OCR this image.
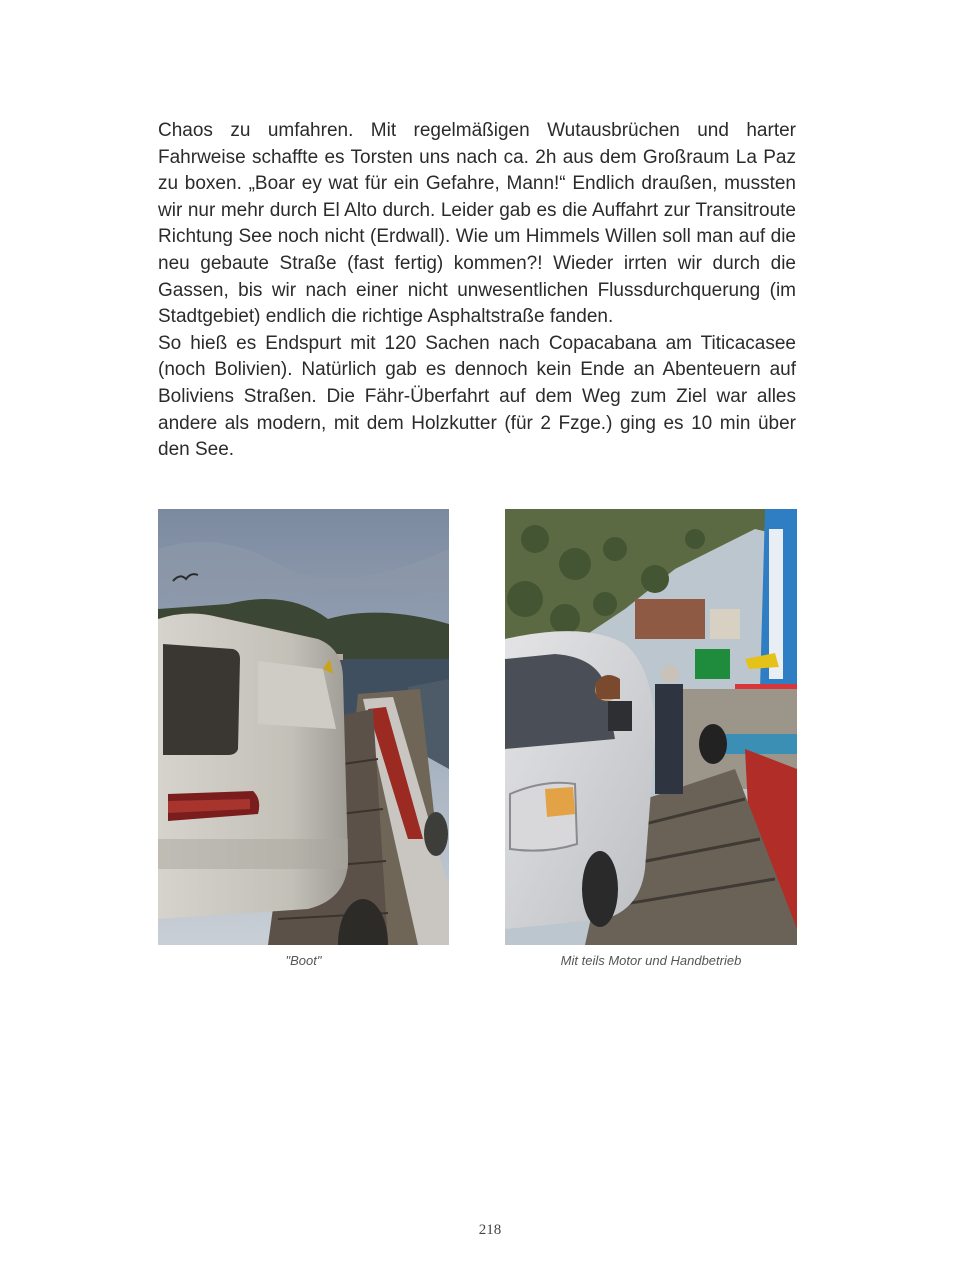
Chaos zu umfahren. Mit regelmäßigen Wutausbrüchen und harter Fahrweise schaffte es Torsten uns nach ca. 2h aus dem Großraum La Paz zu boxen. „Boar ey wat für ein Gefahre, Mann!“ Endlich draußen, mussten wir nur mehr durch El Alto durch. Leider gab es die Auffahrt zur Transitroute Richtung See noch nicht (Erdwall). Wie um Himmels Willen soll man auf die neu gebaute Straße (fast fertig) kommen?! Wieder irrten wir durch die Gassen, bis wir nach einer nicht unwesentlichen Flussdurchquerung (im Stadtgebiet) endlich die richtige Asphaltstraße fanden.

So hieß es Endspurt mit 120 Sachen nach Copacabana am Titicacasee (noch Bolivien). Natürlich gab es dennoch kein Ende an Abenteuern auf Boliviens Straßen. Die Fähr-Überfahrt auf dem Weg zum Ziel war alles andere als modern, mit dem Holzkutter (für 2 Fzge.) ging es 10 min über den See.

"Boot"	Mit teils Motor und Handbetrieb
218
